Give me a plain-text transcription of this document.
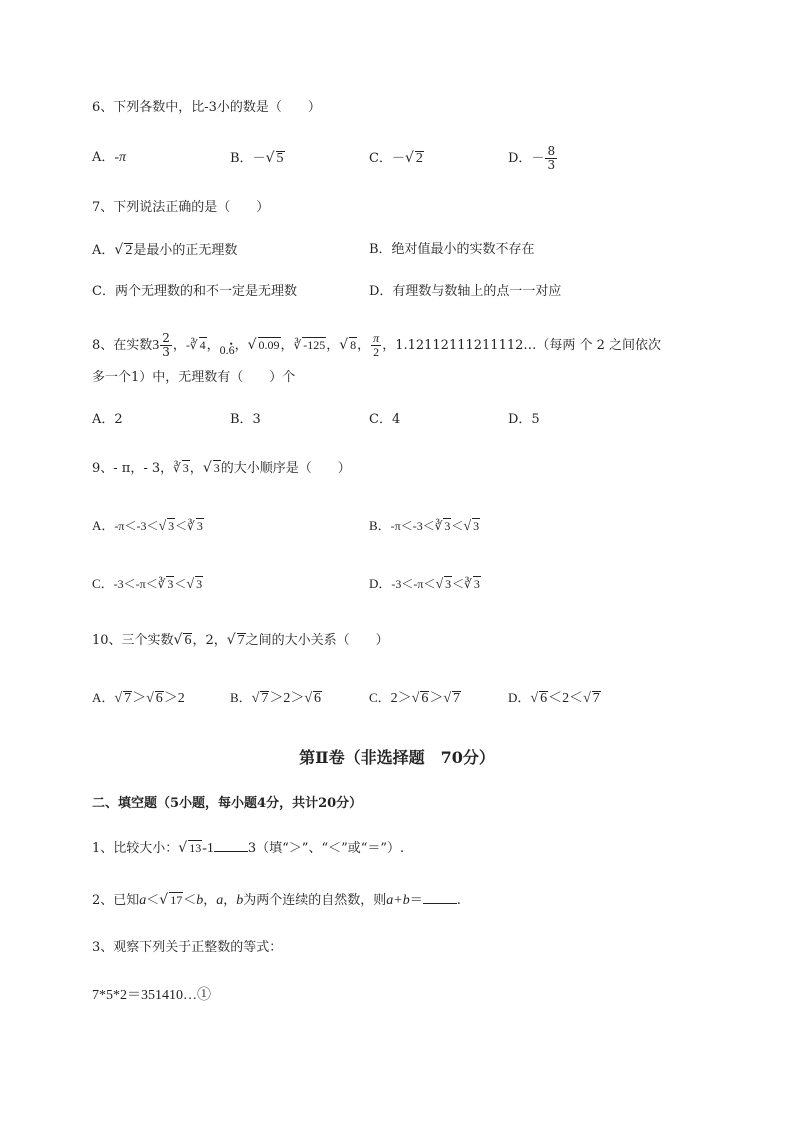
6、下列各数中，比-3小的数是（　　）
A．-π	B．－√ 5	C．－√ 2	D．－ $\frac{8}{3}$
7、下列说法正确的是（　　）
A．√ 2是最小的正无理数	B．绝对值最小的实数不存在
C．两个无理数的和不一定是无理数	D．有理数与数轴上的点一一对应
8、在实数$3 \frac{2}{3}$ ，-∛ 4，0.• 6，√ 0.09，∛ -125，√ 8， $\frac{\pi}{2}$ ，1.12112111211112…（每两 个 2 之间依次
多一个1）中，无理数有（　　）个
A．2	B．3	C．4	D．5
9、- π，- 3，∛ 3，√ 3的大小顺序是（　　）
A．-π＜-3＜√ 3＜∛ 3	B．-π＜-3＜∛ 3＜√ 3
C．-3＜-π＜∛ 3＜√ 3	D．-3＜-π＜√ 3＜∛ 3
10、三个实数√ 6，2，√ 7之间的大小关系（　　）
A．√ 7＞√ 6＞2	B．√ 7＞2＞√ 6	C．2＞√ 6＞√ 7	D．√ 6＜2＜√ 7
第Ⅱ卷（非选择题　70分）
二、填空题（5小题，每小题4分，共计20分）
1、比较大小：√ 13-1	3（填“＞”、“＜”或“＝”）.
2、已知a＜√ 17＜b，a，b为两个连续的自然数，则a+b＝	.
3、观察下列关于正整数的等式：
7*5*2＝351410…①
